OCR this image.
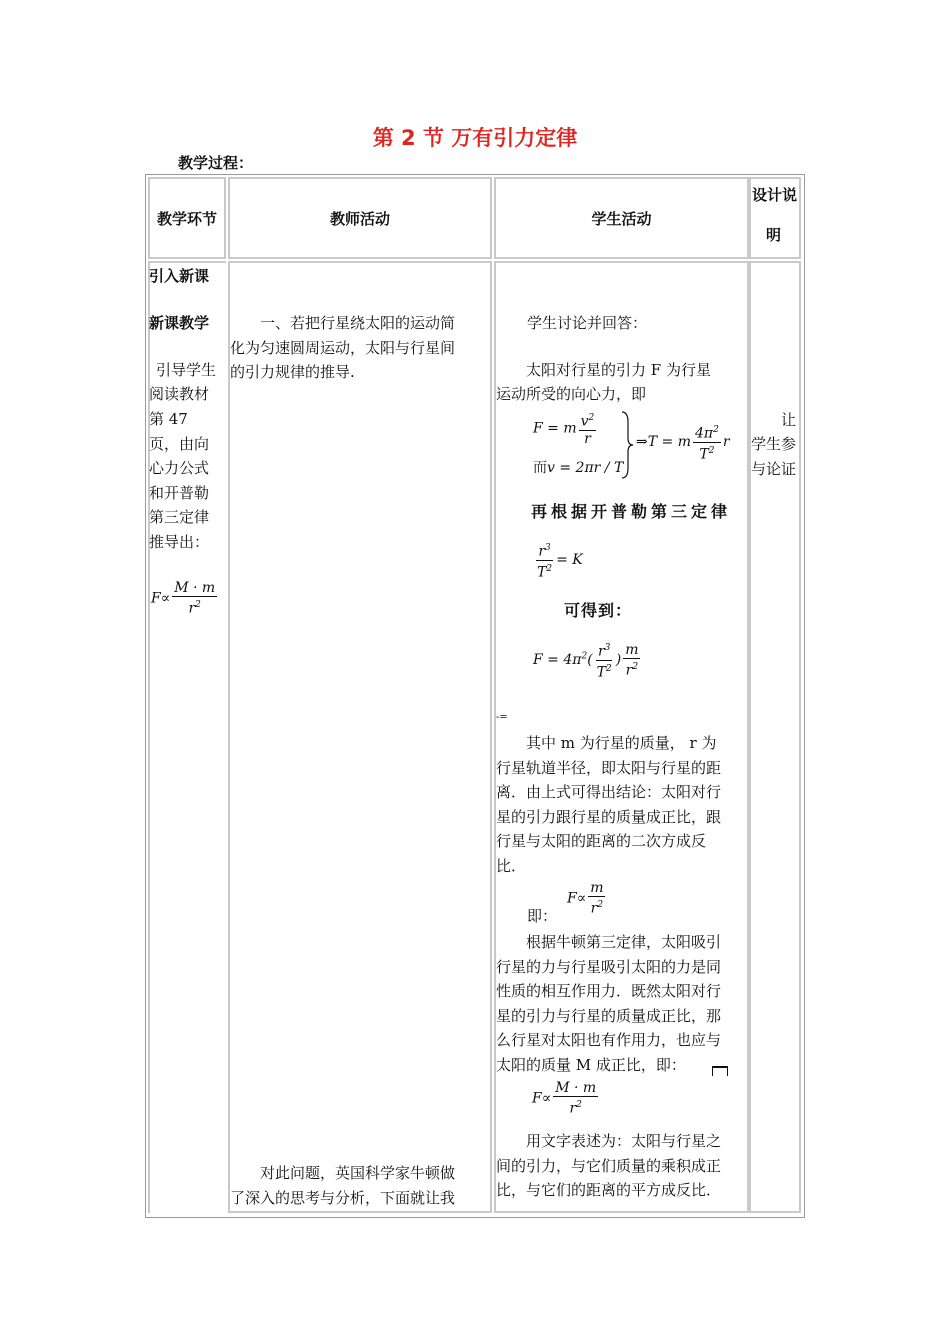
第 2 节 万有引力定律
教学过程：
教学环节	教师活动	学生活动
设计说
明
引入新课
新课教学
引导学生
阅读教材
第 47
页，由向
心力公式
和开普勒
第三定律
推导出：
$F\propto \frac{M \cdot m}{r^2}$
　　一、若把行星绕太阳的运动简
化为匀速圆周运动，太阳与行星间
的引力规律的推导.
　　对此问题，英国科学家牛顿做
了深入的思考与分析，下面就让我
学生讨论并回答：
　　太阳对行星的引力 F 为行星
运动所受的向心力，即
F = m $\frac{v^2}{r}$
而v = 2πr / T
⇒T = m $\frac{4\pi^2}{T^2}$ r
再根据开普勒第三定律
$\frac{r^3}{T^2} = K$
可得到：
$F = 4\pi^2( \frac{r^3}{T^2}$ ) $\frac{m}{r^2}$
-=
　　其中 m 为行星的质量， r 为
行星轨道半径，即太阳与行星的距
离．由上式可得出结论：太阳对行
星的引力跟行星的质量成正比，跟
行星与太阳的距离的二次方成反
比．
$F\propto \frac{m}{r^2}$
即：
　　根据牛顿第三定律，太阳吸引
行星的力与行星吸引太阳的力是同
性质的相互作用力．既然太阳对行
星的引力与行星的质量成正比，那
么行星对太阳也有作用力，也应与
太阳的质量 M 成正比，即：
$F\propto \frac{M \cdot m}{r^2}$
　　用文字表述为：太阳与行星之
间的引力，与它们质量的乘积成正
比，与它们的距离的平方成反比．
　　让
学生参
与论证
